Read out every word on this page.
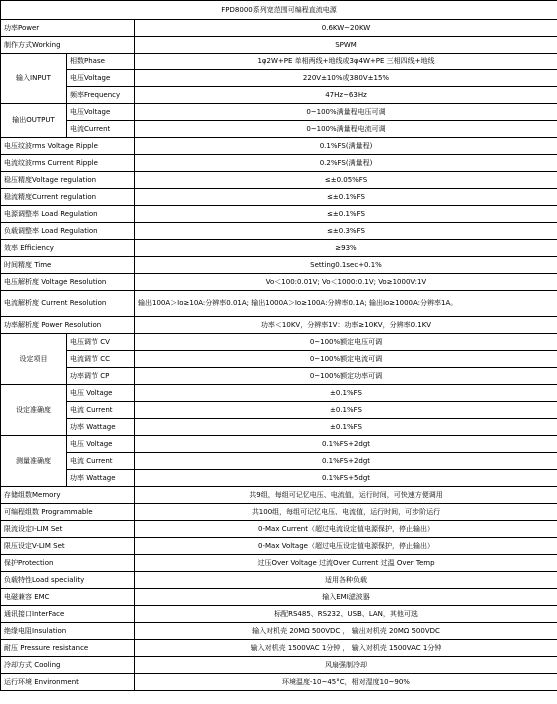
FPD8000系列宽范围可编程直流电源		
功率Power		0.6KW~20KW
制作方式Working		SPWM
输入INPUT	相数Phase	1φ2W+PE 单相两线+地线或3φ4W+PE 三相四线+地线
	电压Voltage	220V±10%或380V±15%
	频率Frequency	47Hz~63Hz
输出OUTPUT	电压Voltage	0~100%满量程电压可调
	电流Current	0~100%满量程电流可调
电压纹波rms Voltage Ripple		0.1%FS(满量程)
电流纹波rms Current Ripple		0.2%FS(满量程)
稳压精度Voltage regulation		≤±0.05%FS
稳流精度Current regulation		≤±0.1%FS
电源调整率 Load Regulation		≤±0.1%FS
负载调整率 Load Regulation		≤±0.3%FS
效率 Efficiency		≥93%
时间精度 Time		Setting0.1sec+0.1%
电压解析度 Voltage Resolution		Vo＜100:0.01V; Vo＜1000:0.1V; Vo≥1000V:1V
电流解析度 Current Resolution		输出100A＞Io≥10A:分辨率0.01A; 输出1000A＞Io≥100A:分辨率0.1A; 输出Io≥1000A:分辨率1A。
功率解析度 Power Resolution		功率＜10KV，分辨率1V：功率≥10KV，分辨率0.1KV
设定项目	电压调节 CV	0~100%额定电压可调
	电流调节 CC	0~100%额定电流可调
	功率调节 CP	0~100%额定功率可调
设定准确度	电压 Voltage	±0.1%FS
	电流 Current	±0.1%FS
	功率 Wattage	±0.1%FS
测量准确度	电压 Voltage	0.1%FS+2dgt
	电流 Current	0.1%FS+2dgt
	功率 Wattage	0.1%FS+5dgt
存储组数Memory		共9组，每组可记忆电压、电流值，运行时间，可快速方便调用
可编程组数 Programmable		共100组，每组可记忆电压、电流值，运行时间，可步阶运行
限流设定I-LIM Set		0-Max Current（超过电流设定值电源保护，停止输出）
限压设定V-LIM Set		0-Max Voltage（超过电压设定值电源保护，停止输出）
保护Protection		过压Over Voltage 过流Over Current 过温 Over Temp
负载特性Load speciality		适用各种负载
电磁兼容 EMC		输入EMI滤波器
通讯接口InterFace		标配RS485、RS232、USB、LAN，其他可选
绝缘电阻Insulation		输入对机壳 20MΩ 500VDC ， 输出对机壳 20MΩ 500VDC
耐压 Pressure resistance		输入对机壳 1500VAC 1分钟 ， 输入对机壳 1500VAC 1分钟
冷却方式 Cooling		风扇强制冷却
运行环境 Environment		环境温度-10~45°C，相对湿度10~90%
